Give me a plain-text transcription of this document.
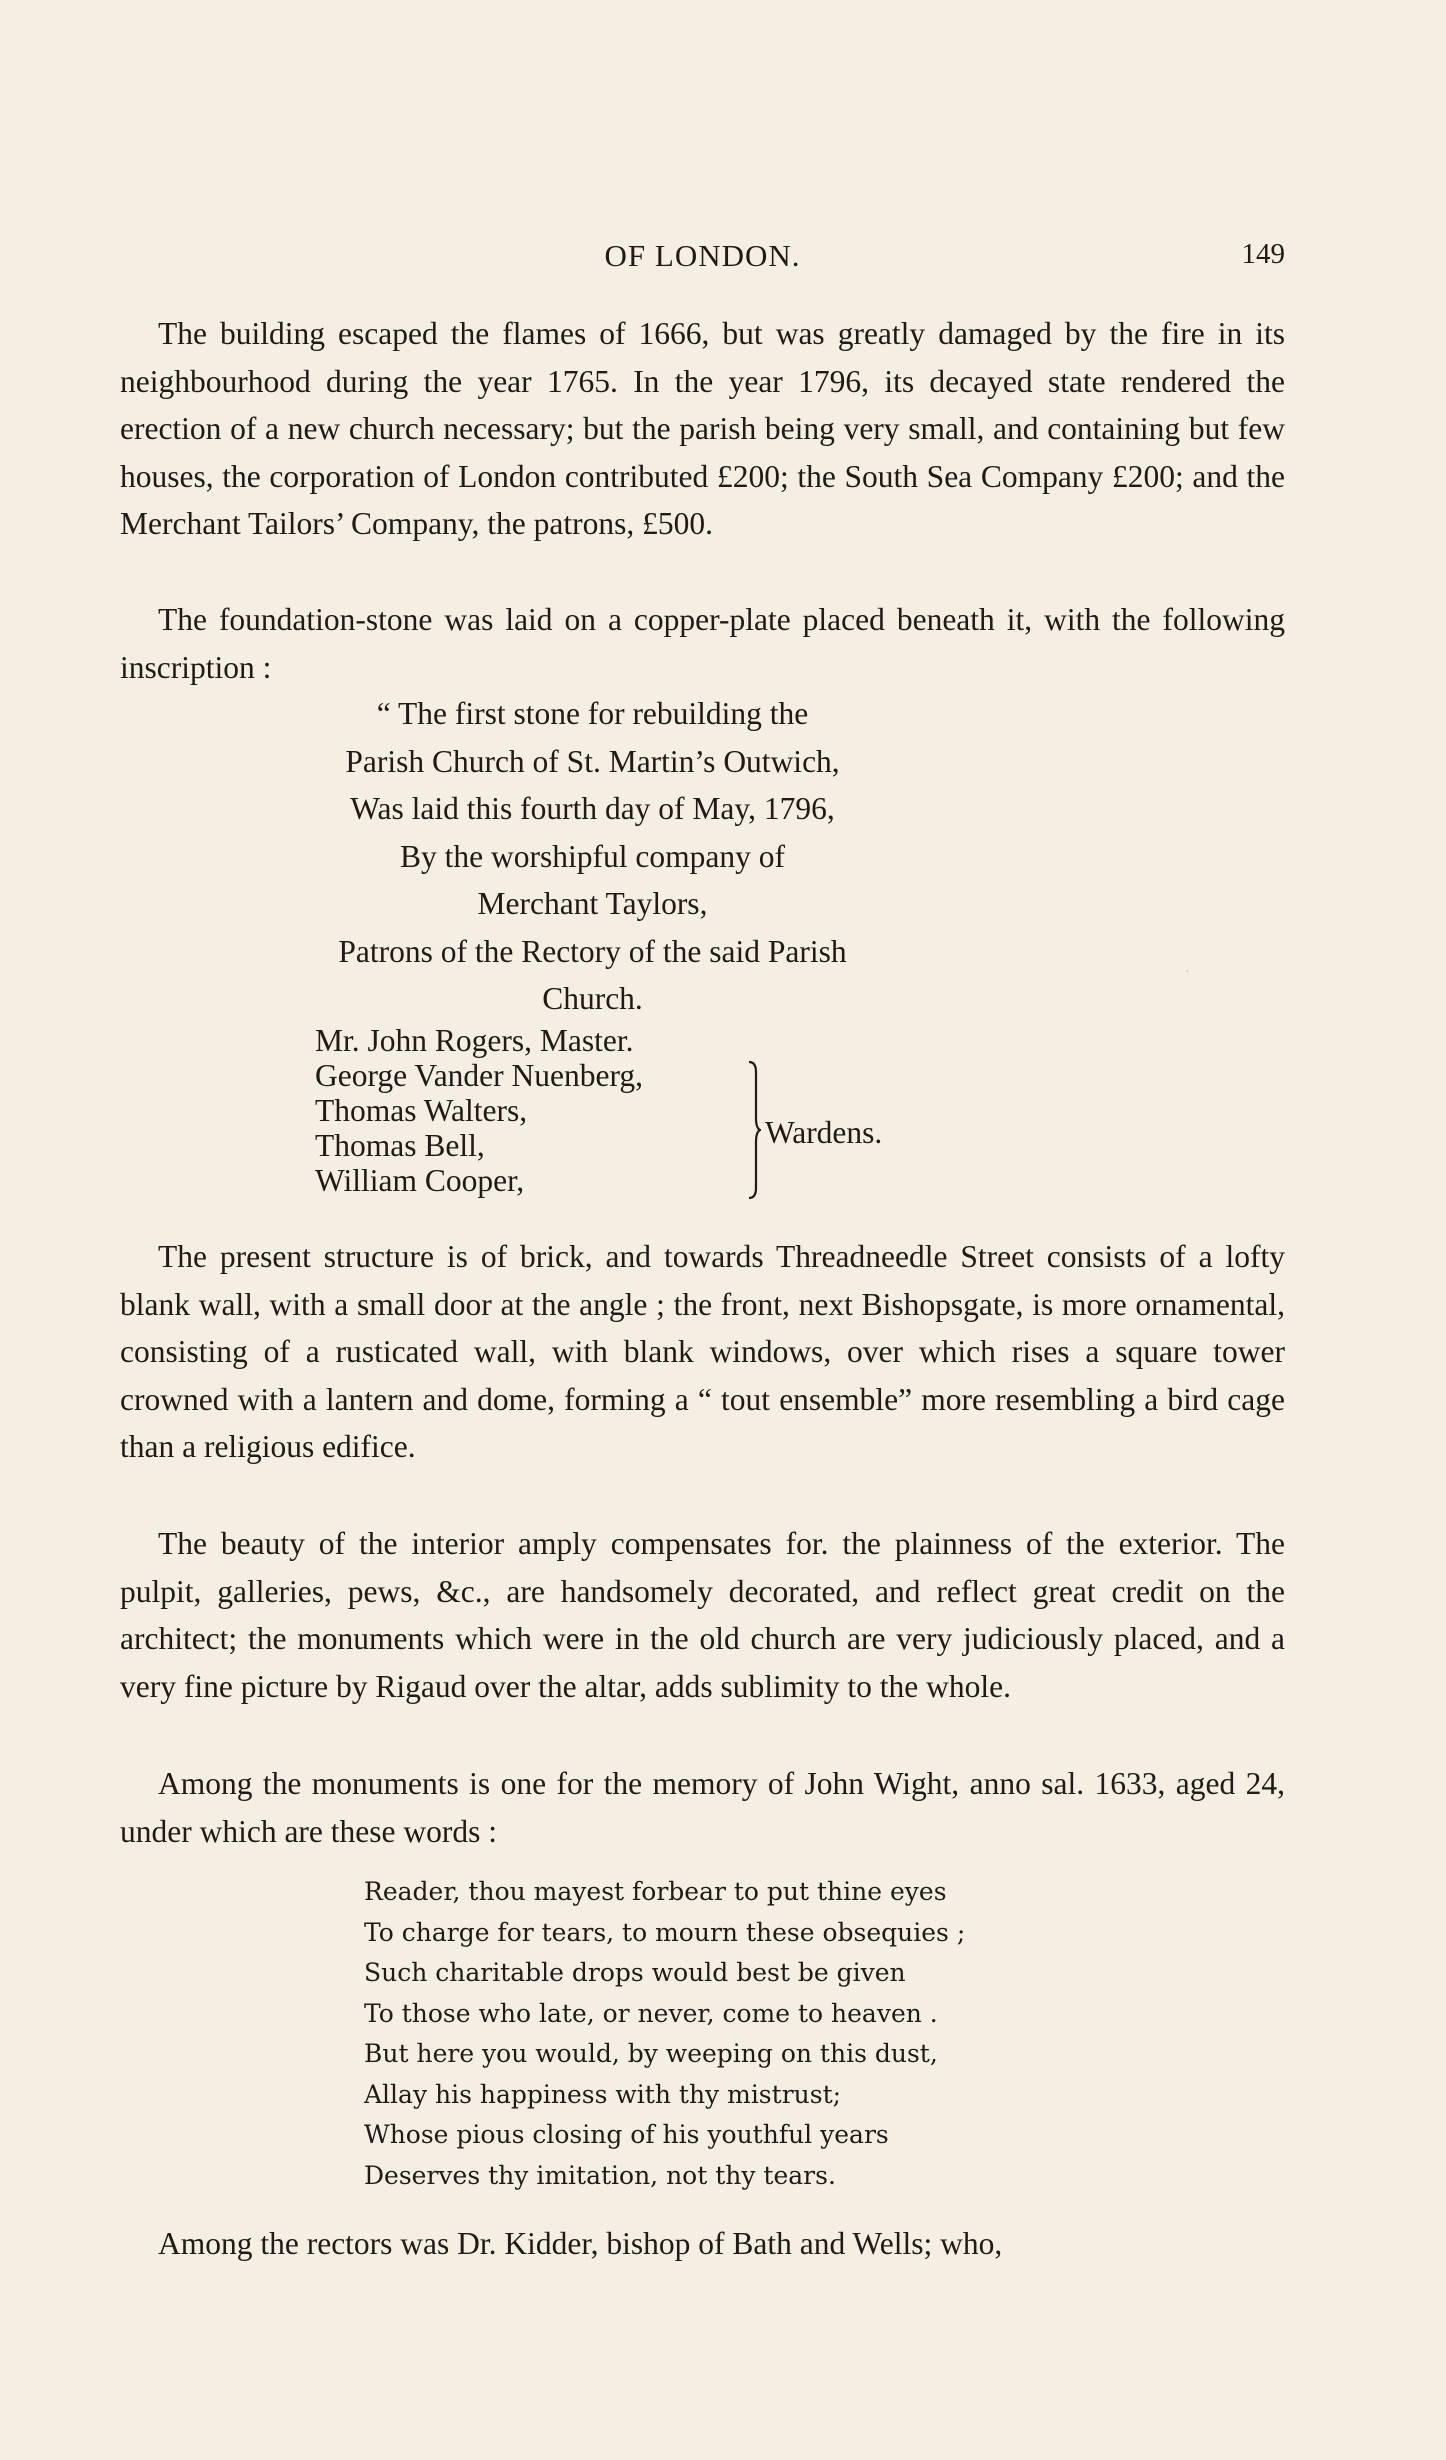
OF LONDON.	149

The building escaped the flames of 1666, but was greatly damaged by the fire in its neighbourhood during the year 1765. In the year 1796, its decayed state rendered the erection of a new church necessary; but the parish being very small, and containing but few houses, the corporation of London contributed £200; the South Sea Company £200; and the Merchant Tailors’ Company, the patrons, £500.

The foundation-stone was laid on a copper-plate placed beneath it, with the following inscription :

“ The first stone for rebuilding the
Parish Church of St. Martin’s Outwich,
Was laid this fourth day of May, 1796,
By the worshipful company of
Merchant Taylors,
Patrons of the Rectory of the said Parish
Church.
Mr. John Rogers, Master.
George Vander Nuenberg,
Thomas Walters,
Thomas Bell,
William Cooper,
Wardens.
·

The present structure is of brick, and towards Threadneedle Street consists of a lofty blank wall, with a small door at the angle ; the front, next Bishopsgate, is more ornamental, consisting of a rusticated wall, with blank windows, over which rises a square tower crowned with a lantern and dome, forming a “ tout ensemble” more resembling a bird cage than a religious edifice.

The beauty of the interior amply compensates for. the plainness of the exterior. The pulpit, galleries, pews, &c., are handsomely decorated, and reflect great credit on the architect; the monuments which were in the old church are very judiciously placed, and a very fine picture by Rigaud over the altar, adds sublimity to the whole.

Among the monuments is one for the memory of John Wight, anno sal. 1633, aged 24, under which are these words :

Reader, thou mayest forbear to put thine eyes
To charge for tears, to mourn these obsequies ;
Such charitable drops would best be given
To those who late, or never, come to heaven .
But here you would, by weeping on this dust,
Allay his happiness with thy mistrust;
Whose pious closing of his youthful years
Deserves thy imitation, not thy tears.

Among the rectors was Dr. Kidder, bishop of Bath and Wells; who,
